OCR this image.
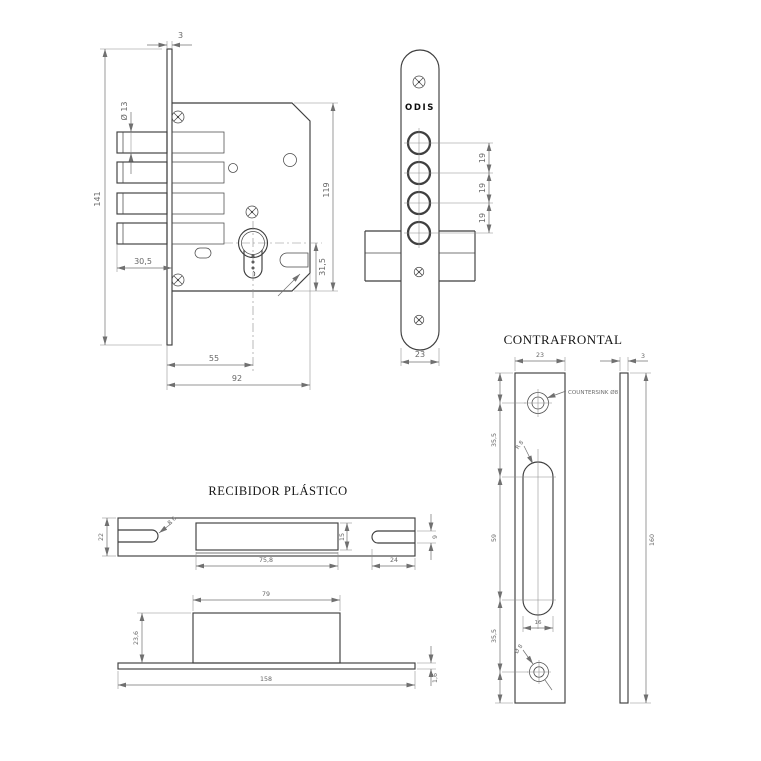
3
141
Ø 13
30,5
55
92
119
31,5
ODIS
19
19
19
23
CONTRAFRONTAL
23
COUNTERSINK Ø8
R 8
35,5
59
35,5
16
Ø 8
3
160
RECIBIDOR PLÁSTICO
R 6
22
75,8
15	9
24
79
23,6
158	1,6
